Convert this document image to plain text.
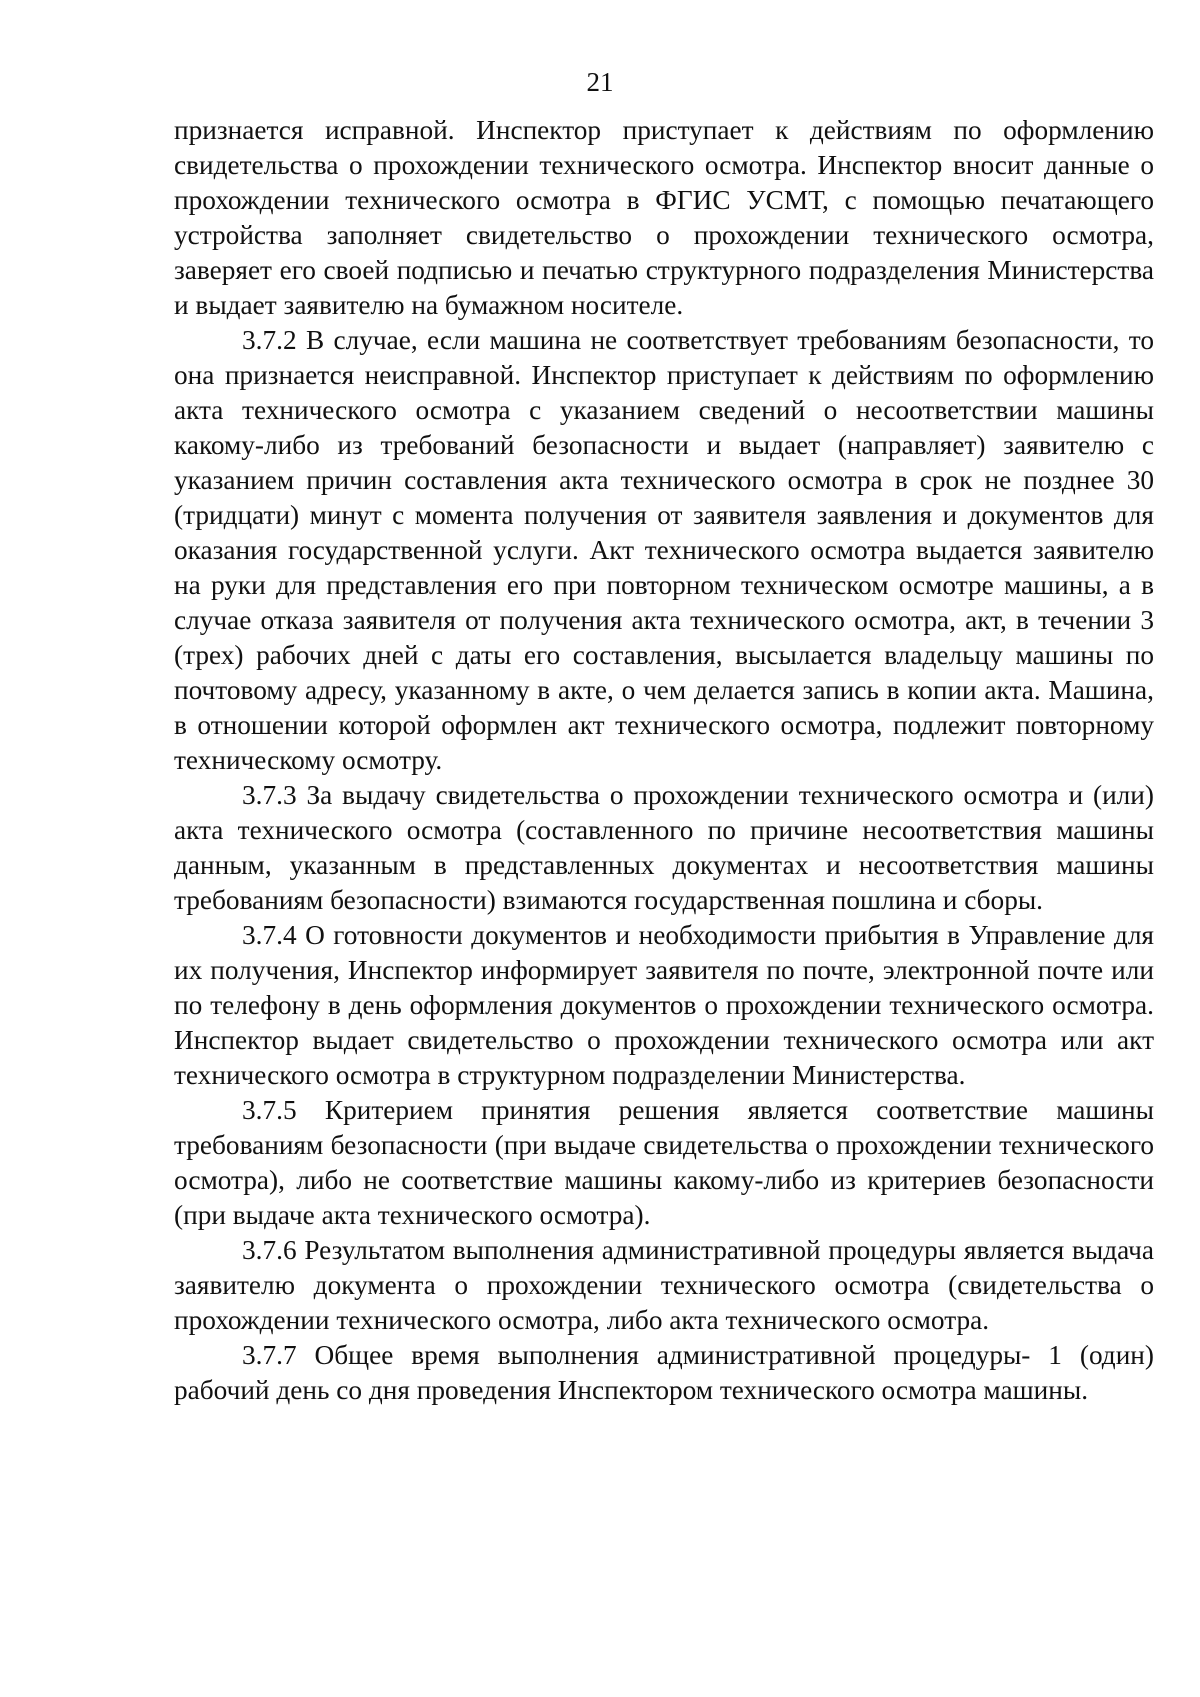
21

признается исправной. Инспектор приступает к действиям по оформлению свидетельства о прохождении технического осмотра. Инспектор вносит данные о прохождении технического осмотра в ФГИС УСМТ, с помощью печатающего устройства заполняет свидетельство о прохождении технического осмотра, заверяет его своей подписью и печатью структурного подразделения Министерства и выдает заявителю на бумажном носителе.

3.7.2 В случае, если машина не соответствует требованиям безопасности, то она признается неисправной. Инспектор приступает к действиям по оформлению акта технического осмотра с указанием сведений о несоответствии машины какому-либо из требований безопасности и выдает (направляет) заявителю с указанием причин составления акта технического осмотра в срок не позднее 30 (тридцати) минут с момента получения от заявителя заявления и документов для оказания государственной услуги. Акт технического осмотра выдается заявителю на руки для представления его при повторном техническом осмотре машины, а в случае отказа заявителя от получения акта технического осмотра, акт, в течении 3 (трех) рабочих дней с даты его составления, высылается владельцу машины по почтовому адресу, указанному в акте, о чем делается запись в копии акта. Машина, в отношении которой оформлен акт технического осмотра, подлежит повторному техническому осмотру.

3.7.3 За выдачу свидетельства о прохождении технического осмотра и (или) акта технического осмотра (составленного по причине несоответствия машины данным, указанным в представленных документах и несоответствия машины требованиям безопасности) взимаются государственная пошлина и сборы.

3.7.4 О готовности документов и необходимости прибытия в Управление для их получения, Инспектор информирует заявителя по почте, электронной почте или по телефону в день оформления документов о прохождении технического осмотра. Инспектор выдает свидетельство о прохождении технического осмотра или акт технического осмотра в структурном подразделении Министерства.

3.7.5 Критерием принятия решения является соответствие машины требованиям безопасности (при выдаче свидетельства о прохождении технического осмотра), либо не соответствие машины какому-либо из критериев безопасности (при выдаче акта технического осмотра).

3.7.6 Результатом выполнения административной процедуры является выдача заявителю документа о прохождении технического осмотра (свидетельства о прохождении технического осмотра, либо акта технического осмотра.

3.7.7 Общее время выполнения административной процедуры- 1 (один) рабочий день со дня проведения Инспектором технического осмотра машины.
